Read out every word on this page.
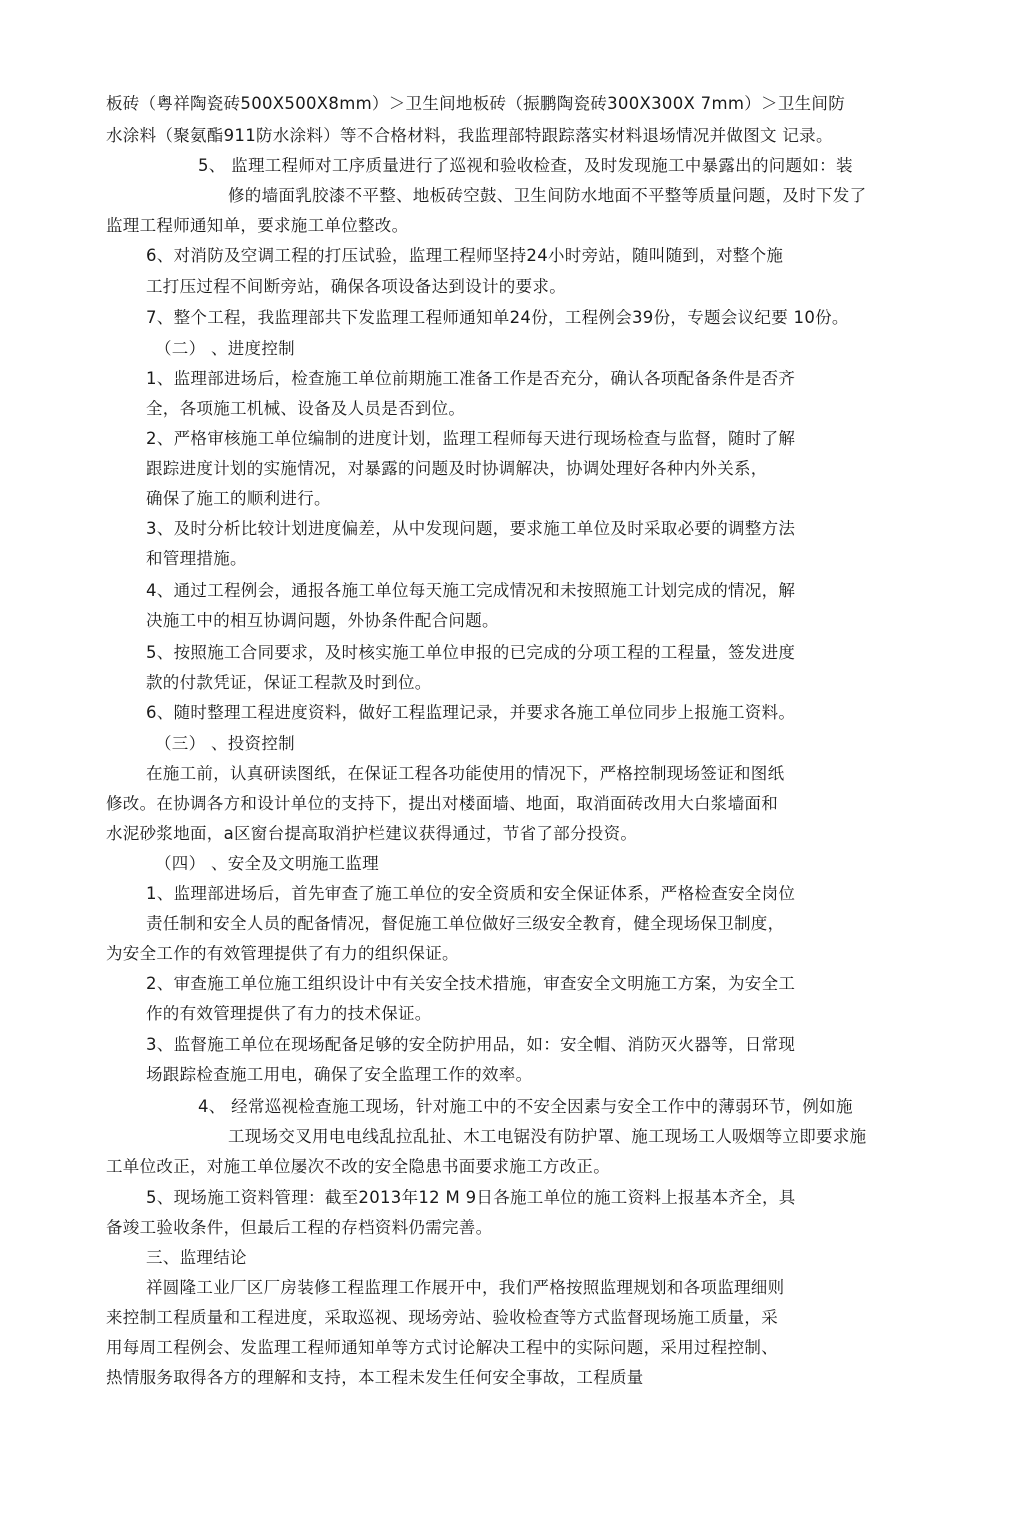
板砖（粤祥陶瓷砖500X500X8mm）＞卫生间地板砖（振鹏陶瓷砖300X300X 7mm）＞卫生间防
水涂料（聚氨酯911防水涂料）等不合格材料，我监理部特跟踪落实材料退场情况并做图文 记录。
5、 监理工程师对工序质量进行了巡视和验收检查，及时发现施工中暴露出的问题如：装
修的墙面乳胶漆不平整、地板砖空鼓、卫生间防水地面不平整等质量问题，及时下发了
监理工程师通知单，要求施工单位整改。
6、对消防及空调工程的打压试验，监理工程师坚持24小时旁站，随叫随到，对整个施
工打压过程不间断旁站，确保各项设备达到设计的要求。
7、整个工程，我监理部共下发监理工程师通知单24份，工程例会39份，专题会议纪要 10份。
（二） 、进度控制
1、监理部进场后，检查施工单位前期施工准备工作是否充分，确认各项配备条件是否齐
全，各项施工机械、设备及人员是否到位。
2、严格审核施工单位编制的进度计划，监理工程师每天进行现场检查与监督，随时了解
跟踪进度计划的实施情况，对暴露的问题及时协调解决，协调处理好各种内外关系，
确保了施工的顺利进行。
3、及时分析比较计划进度偏差，从中发现问题，要求施工单位及时采取必要的调整方法
和管理措施。
4、通过工程例会，通报各施工单位每天施工完成情况和未按照施工计划完成的情况，解
决施工中的相互协调问题，外协条件配合问题。
5、按照施工合同要求，及时核实施工单位申报的已完成的分项工程的工程量，签发进度
款的付款凭证，保证工程款及时到位。
6、随时整理工程进度资料，做好工程监理记录，并要求各施工单位同步上报施工资料。
（三） 、投资控制
在施工前，认真研读图纸，在保证工程各功能使用的情况下，严格控制现场签证和图纸
修改。在协调各方和设计单位的支持下，提出对楼面墙、地面，取消面砖改用大白浆墙面和
水泥砂浆地面，a区窗台提高取消护栏建议获得通过，节省了部分投资。
（四） 、安全及文明施工监理
1、监理部进场后，首先审查了施工单位的安全资质和安全保证体系，严格检查安全岗位
责任制和安全人员的配备情况，督促施工单位做好三级安全教育，健全现场保卫制度，
为安全工作的有效管理提供了有力的组织保证。
2、审查施工单位施工组织设计中有关安全技术措施，审查安全文明施工方案，为安全工
作的有效管理提供了有力的技术保证。
3、监督施工单位在现场配备足够的安全防护用品，如：安全帽、消防灭火器等，日常现
场跟踪检查施工用电，确保了安全监理工作的效率。
4、 经常巡视检查施工现场，针对施工中的不安全因素与安全工作中的薄弱环节，例如施
工现场交叉用电电线乱拉乱扯、木工电锯没有防护罩、施工现场工人吸烟等立即要求施
工单位改正，对施工单位屡次不改的安全隐患书面要求施工方改正。
5、现场施工资料管理：截至2013年12 M 9日各施工单位的施工资料上报基本齐全，具
备竣工验收条件，但最后工程的存档资料仍需完善。
三、监理结论
祥圆隆工业厂区厂房装修工程监理工作展开中，我们严格按照监理规划和各项监理细则
来控制工程质量和工程进度，采取巡视、现场旁站、验收检查等方式监督现场施工质量，采
用每周工程例会、发监理工程师通知单等方式讨论解决工程中的实际问题，采用过程控制、
热情服务取得各方的理解和支持，本工程未发生任何安全事故，工程质量
